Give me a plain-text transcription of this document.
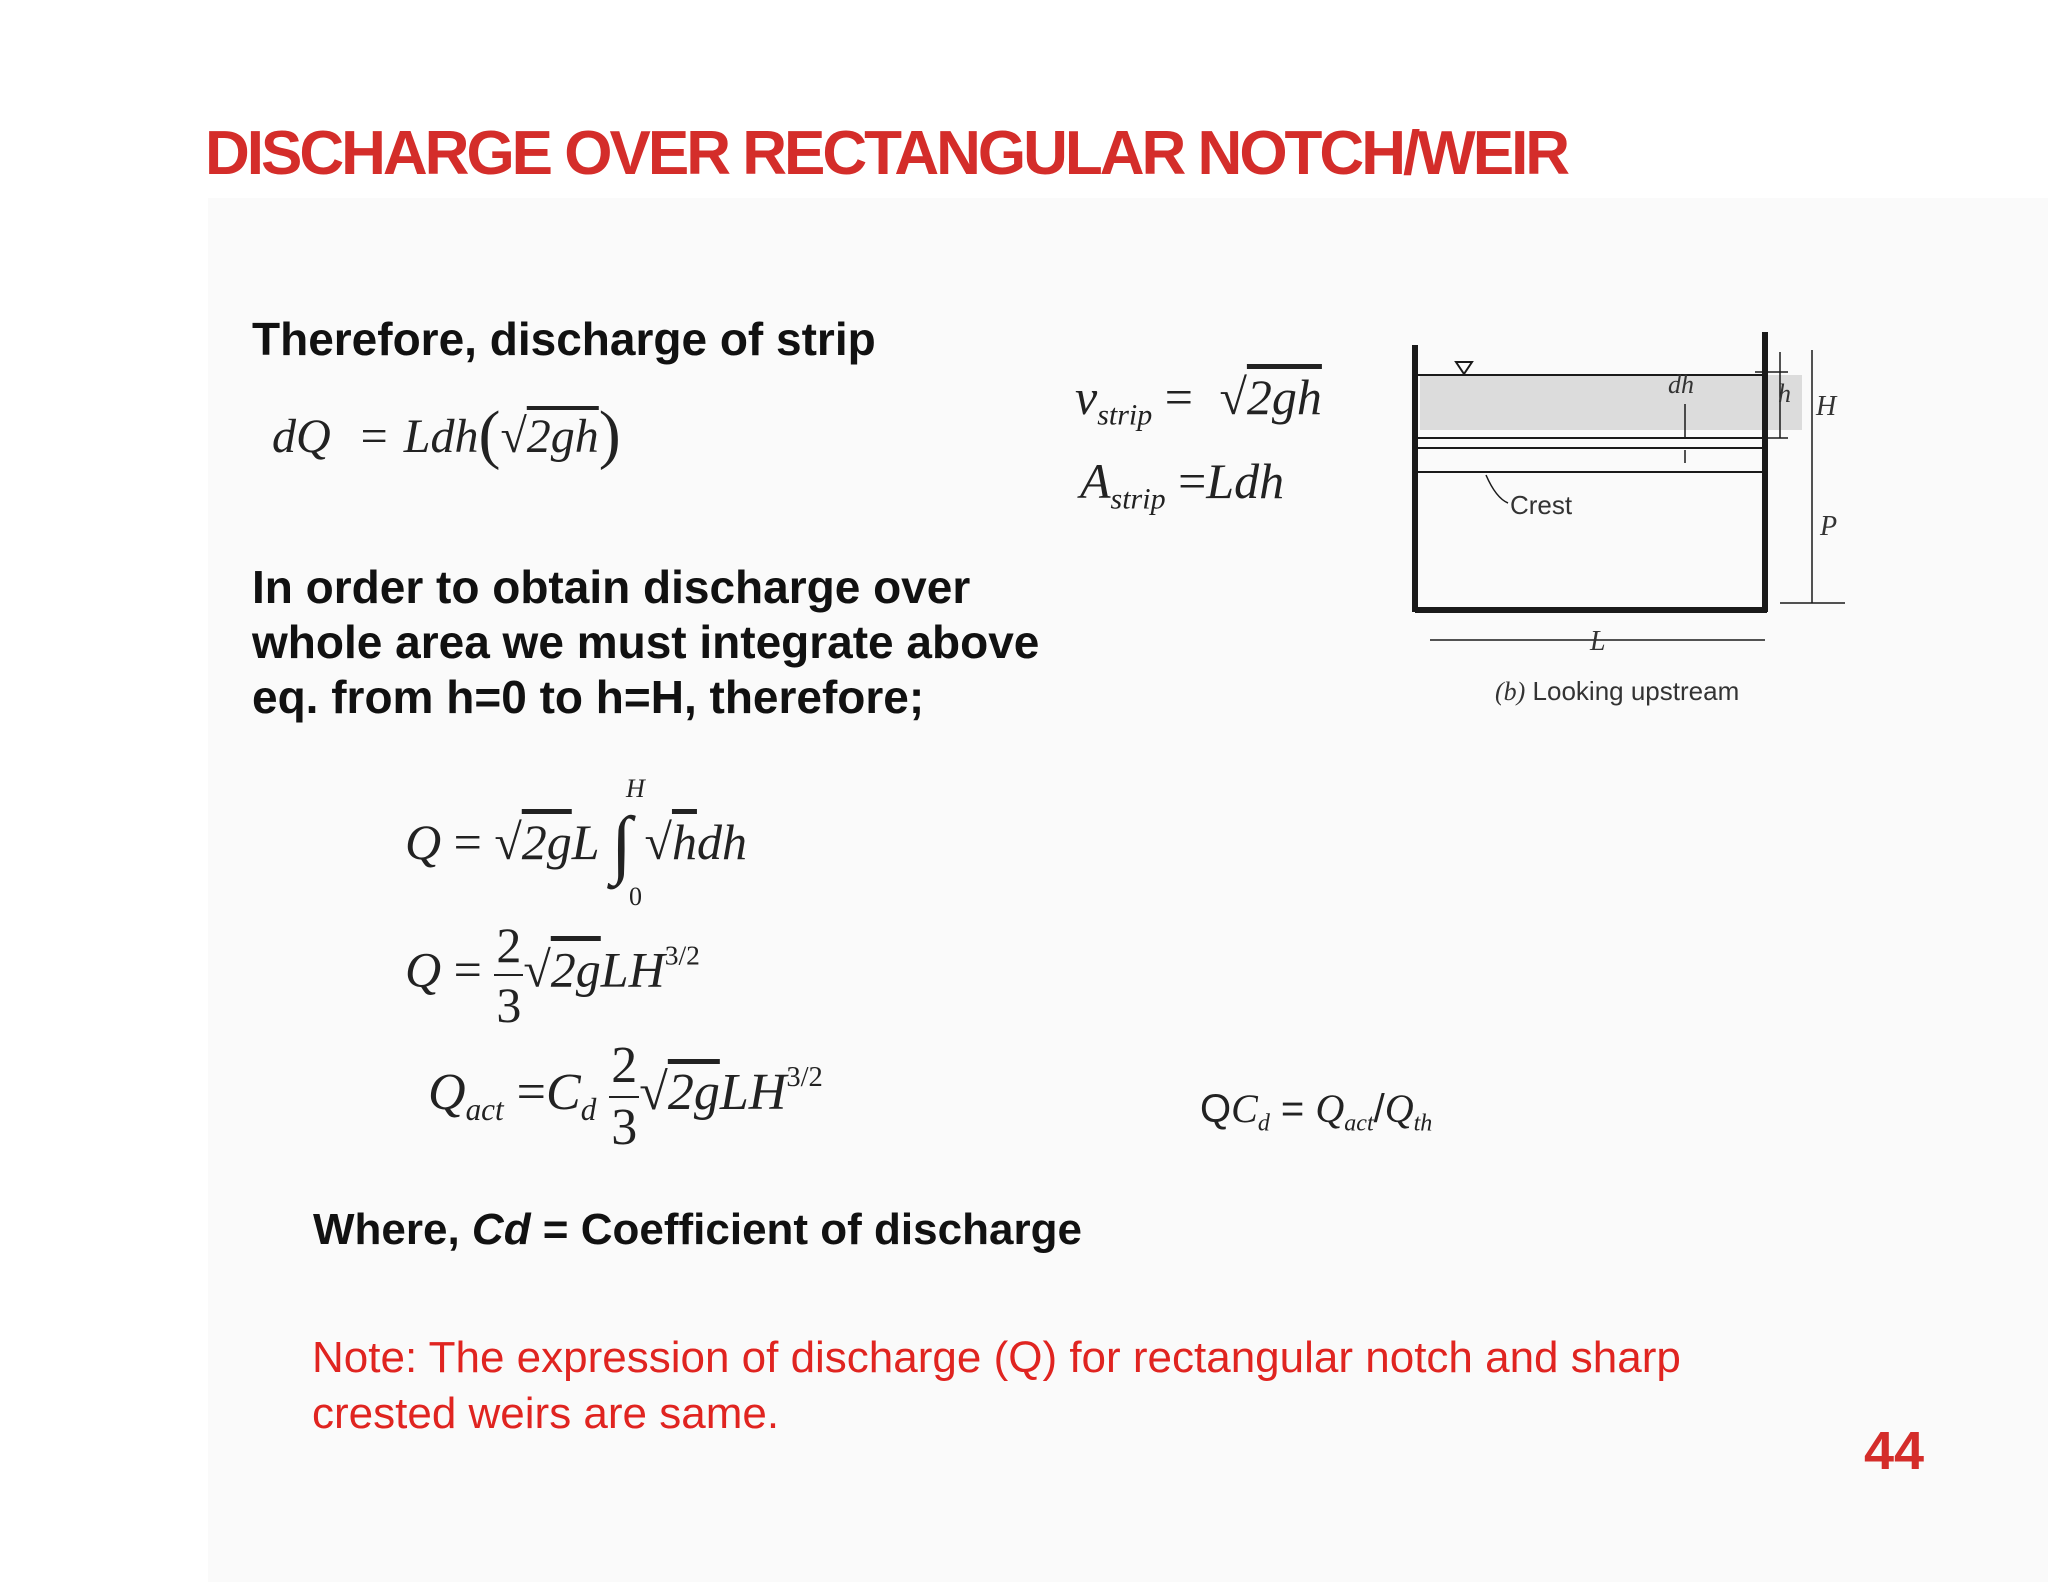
DISCHARGE OVER RECTANGULAR NOTCH/WEIR

Therefore, discharge of strip

dQ = Ldh(√2gh)
$v_{strip} = √2gh$
$A_{strip} =Ldh$

In order to obtain discharge over whole area we must integrate above eq. from h=0 to h=H, therefore;

Q = √2gL ∫ √hdh
H
0
$Q = \frac{2}{3} √2gLH^{3/2}$
$Q_{act} =C_d \frac{2}{3} √2gLH^{3/2}$
$QC_d = Q_{act}/Q_{th}$

Where, Cd = Coefficient of discharge

Note: The expression of discharge (Q) for rectangular notch and sharp crested weirs are same.

44

dh	h H
P
Crest
L
(b) Looking upstream
